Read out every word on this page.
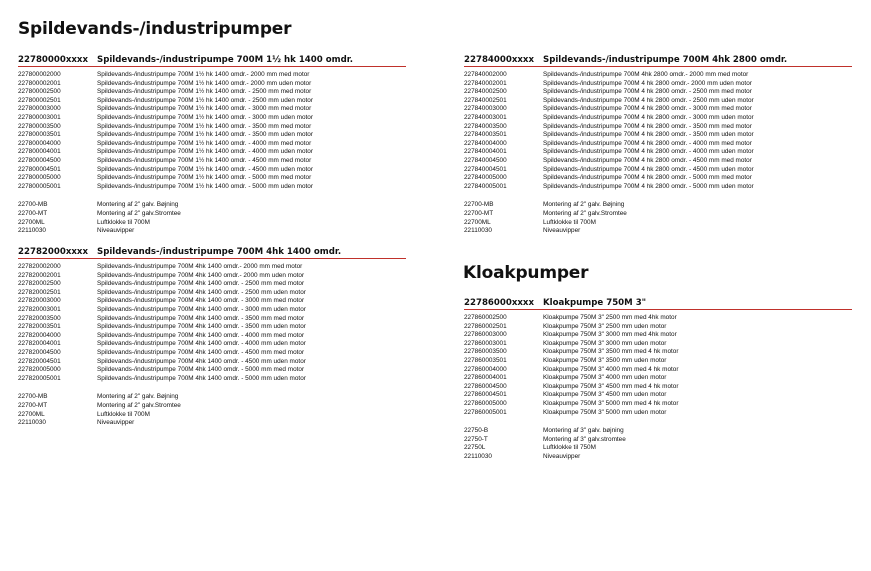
Spildevands-/industripumper
Kloakpumper
22780000xxxx	Spildevands-/industripumpe 700M 1½ hk 1400 omdr.
227800002000	Spildevands-/industripumpe 700M 1½ hk 1400 omdr.- 2000 mm med motor
227800002001	Spildevands-/industripumpe 700M 1½ hk 1400 omdr.- 2000 mm uden motor
227800002500	Spildevands-/industripumpe 700M 1½ hk 1400 omdr. - 2500 mm med motor
227800002501	Spildevands-/industripumpe 700M 1½ hk 1400 omdr. - 2500 mm uden motor
227800003000	Spildevands-/industripumpe 700M 1½ hk 1400 omdr. - 3000 mm med motor
227800003001	Spildevands-/industripumpe 700M 1½ hk 1400 omdr. - 3000 mm uden motor
227800003500	Spildevands-/industripumpe 700M 1½ hk 1400 omdr. - 3500 mm med motor
227800003501	Spildevands-/industripumpe 700M 1½ hk 1400 omdr. - 3500 mm uden motor
227800004000	Spildevands-/industripumpe 700M 1½ hk 1400 omdr. - 4000 mm med motor
227800004001	Spildevands-/industripumpe 700M 1½ hk 1400 omdr. - 4000 mm uden motor
227800004500	Spildevands-/industripumpe 700M 1½ hk 1400 omdr. - 4500 mm med motor
227800004501	Spildevands-/industripumpe 700M 1½ hk 1400 omdr. - 4500 mm uden motor
227800005000	Spildevands-/industripumpe 700M 1½ hk 1400 omdr. - 5000 mm med motor
227800005001	Spildevands-/industripumpe 700M 1½ hk 1400 omdr. - 5000 mm uden motor
22700-MB	Montering af 2" galv. Bøjning
22700-MT	Montering af 2" galv.Stromtee
22700ML	Luftklokke til 700M
22110030	Niveauvipper
22782000xxxx	Spildevands-/industripumpe 700M 4hk 1400 omdr.
227820002000	Spildevands-/industripumpe 700M 4hk 1400 omdr.- 2000 mm med motor
227820002001	Spildevands-/industripumpe 700M 4hk 1400 omdr.- 2000 mm uden motor
227820002500	Spildevands-/industripumpe 700M 4hk 1400 omdr. - 2500 mm med motor
227820002501	Spildevands-/industripumpe 700M 4hk 1400 omdr. - 2500 mm uden motor
227820003000	Spildevands-/industripumpe 700M 4hk 1400 omdr. - 3000 mm med motor
227820003001	Spildevands-/industripumpe 700M 4hk 1400 omdr. - 3000 mm uden motor
227820003500	Spildevands-/industripumpe 700M 4hk 1400 omdr. - 3500 mm med motor
227820003501	Spildevands-/industripumpe 700M 4hk 1400 omdr. - 3500 mm uden motor
227820004000	Spildevands-/industripumpe 700M 4hk 1400 omdr. - 4000 mm med motor
227820004001	Spildevands-/industripumpe 700M 4hk 1400 omdr. - 4000 mm uden motor
227820004500	Spildevands-/industripumpe 700M 4hk 1400 omdr. - 4500 mm med motor
227820004501	Spildevands-/industripumpe 700M 4hk 1400 omdr. - 4500 mm uden motor
227820005000	Spildevands-/industripumpe 700M 4hk 1400 omdr. - 5000 mm med motor
227820005001	Spildevands-/industripumpe 700M 4hk 1400 omdr. - 5000 mm uden motor
22700-MB	Montering af 2" galv. Bøjning
22700-MT	Montering af 2" galv.Stromtee
22700ML	Luftklokke til 700M
22110030	Niveauvipper
22784000xxxx	Spildevands-/industripumpe 700M 4hk 2800 omdr.
227840002000	Spildevands-/industripumpe 700M 4hk 2800 omdr.- 2000 mm med motor
227840002001	Spildevands-/industripumpe 700M 4 hk 2800 omdr.- 2000 mm uden motor
227840002500	Spildevands-/industripumpe 700M 4 hk 2800 omdr. - 2500 mm med motor
227840002501	Spildevands-/industripumpe 700M 4 hk 2800 omdr. - 2500 mm uden motor
227840003000	Spildevands-/industripumpe 700M 4 hk 2800 omdr. - 3000 mm med motor
227840003001	Spildevands-/industripumpe 700M 4 hk 2800 omdr. - 3000 mm uden motor
227840003500	Spildevands-/industripumpe 700M 4 hk 2800 omdr. - 3500 mm med motor
227840003501	Spildevands-/industripumpe 700M 4 hk 2800 omdr. - 3500 mm uden motor
227840004000	Spildevands-/industripumpe 700M 4 hk 2800 omdr. - 4000 mm med motor
227840004001	Spildevands-/industripumpe 700M 4 hk 2800 omdr. - 4000 mm uden motor
227840004500	Spildevands-/industripumpe 700M 4 hk 2800 omdr. - 4500 mm med motor
227840004501	Spildevands-/industripumpe 700M 4 hk 2800 omdr. - 4500 mm uden motor
227840005000	Spildevands-/industripumpe 700M 4 hk 2800 omdr. - 5000 mm med motor
227840005001	Spildevands-/industripumpe 700M 4 hk 2800 omdr. - 5000 mm uden motor
22700-MB	Montering af 2" galv. Bøjning
22700-MT	Montering af 2" galv.Stromtee
22700ML	Luftklokke til 700M
22110030	Niveauvipper
22786000xxxx	Kloakpumpe 750M 3"
227860002500	Kloakpumpe 750M 3" 2500 mm med 4hk motor
227860002501	Kloakpumpe 750M 3" 2500 mm uden motor
227860003000	Kloakpumpe 750M 3" 3000 mm med 4hk motor
227860003001	Kloakpumpe 750M 3" 3000 mm uden motor
227860003500	Kloakpumpe 750M 3" 3500 mm med 4 hk motor
227860003501	Kloakpumpe 750M 3" 3500 mm uden motor
227860004000	Kloakpumpe 750M 3" 4000 mm med 4 hk motor
227860004001	Kloakpumpe 750M 3" 4000 mm uden motor
227860004500	Kloakpumpe 750M 3" 4500 mm med 4 hk motor
227860004501	Kloakpumpe 750M 3" 4500 mm uden motor
227860005000	Kloakpumpe 750M 3" 5000 mm med 4 hk motor
227860005001	Kloakpumpe 750M 3" 5000 mm uden motor
22750-B	Montering af 3" galv. bøjning
22750-T	Montering af 3" galv.stromtee
22750L	Luftklokke til 750M
22110030	Niveauvipper
